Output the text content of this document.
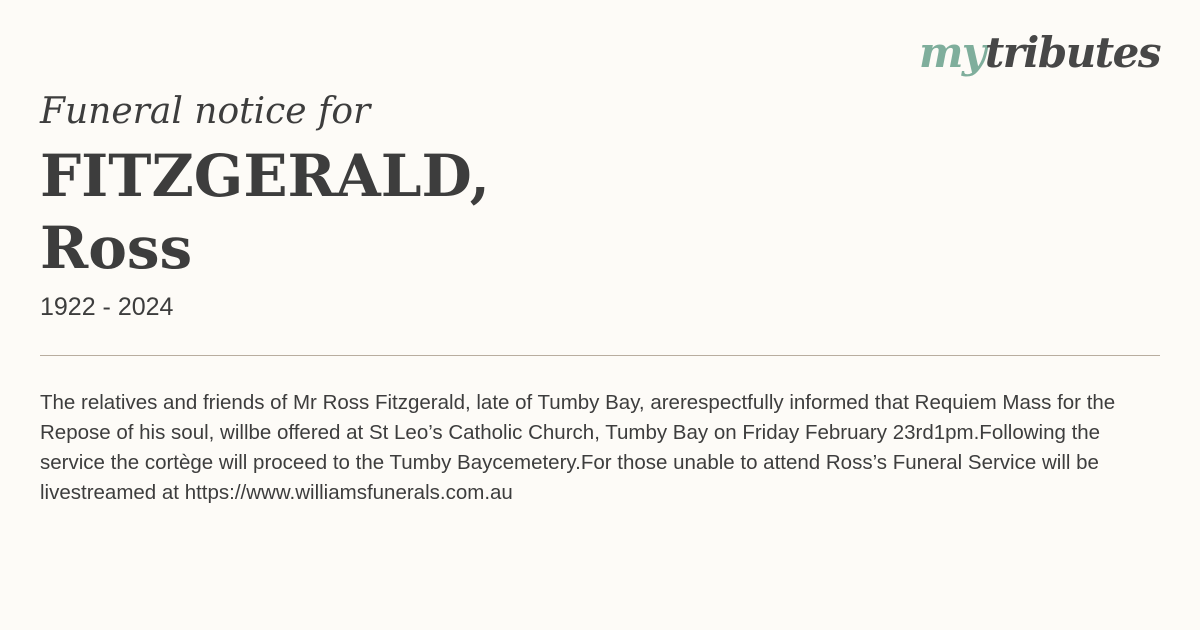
mytributes
Funeral notice for
FITZGERALD,
Ross
1922 - 2024

The relatives and friends of Mr Ross Fitzgerald, late of Tumby Bay, arerespectfully informed that Requiem Mass for the Repose of his soul, willbe offered at St Leo’s Catholic Church, Tumby Bay on Friday February 23rd1pm.Following the service the cortège will proceed to the Tumby Baycemetery.For those unable to attend Ross’s Funeral Service will be livestreamed at https://www.williamsfunerals.com.au
